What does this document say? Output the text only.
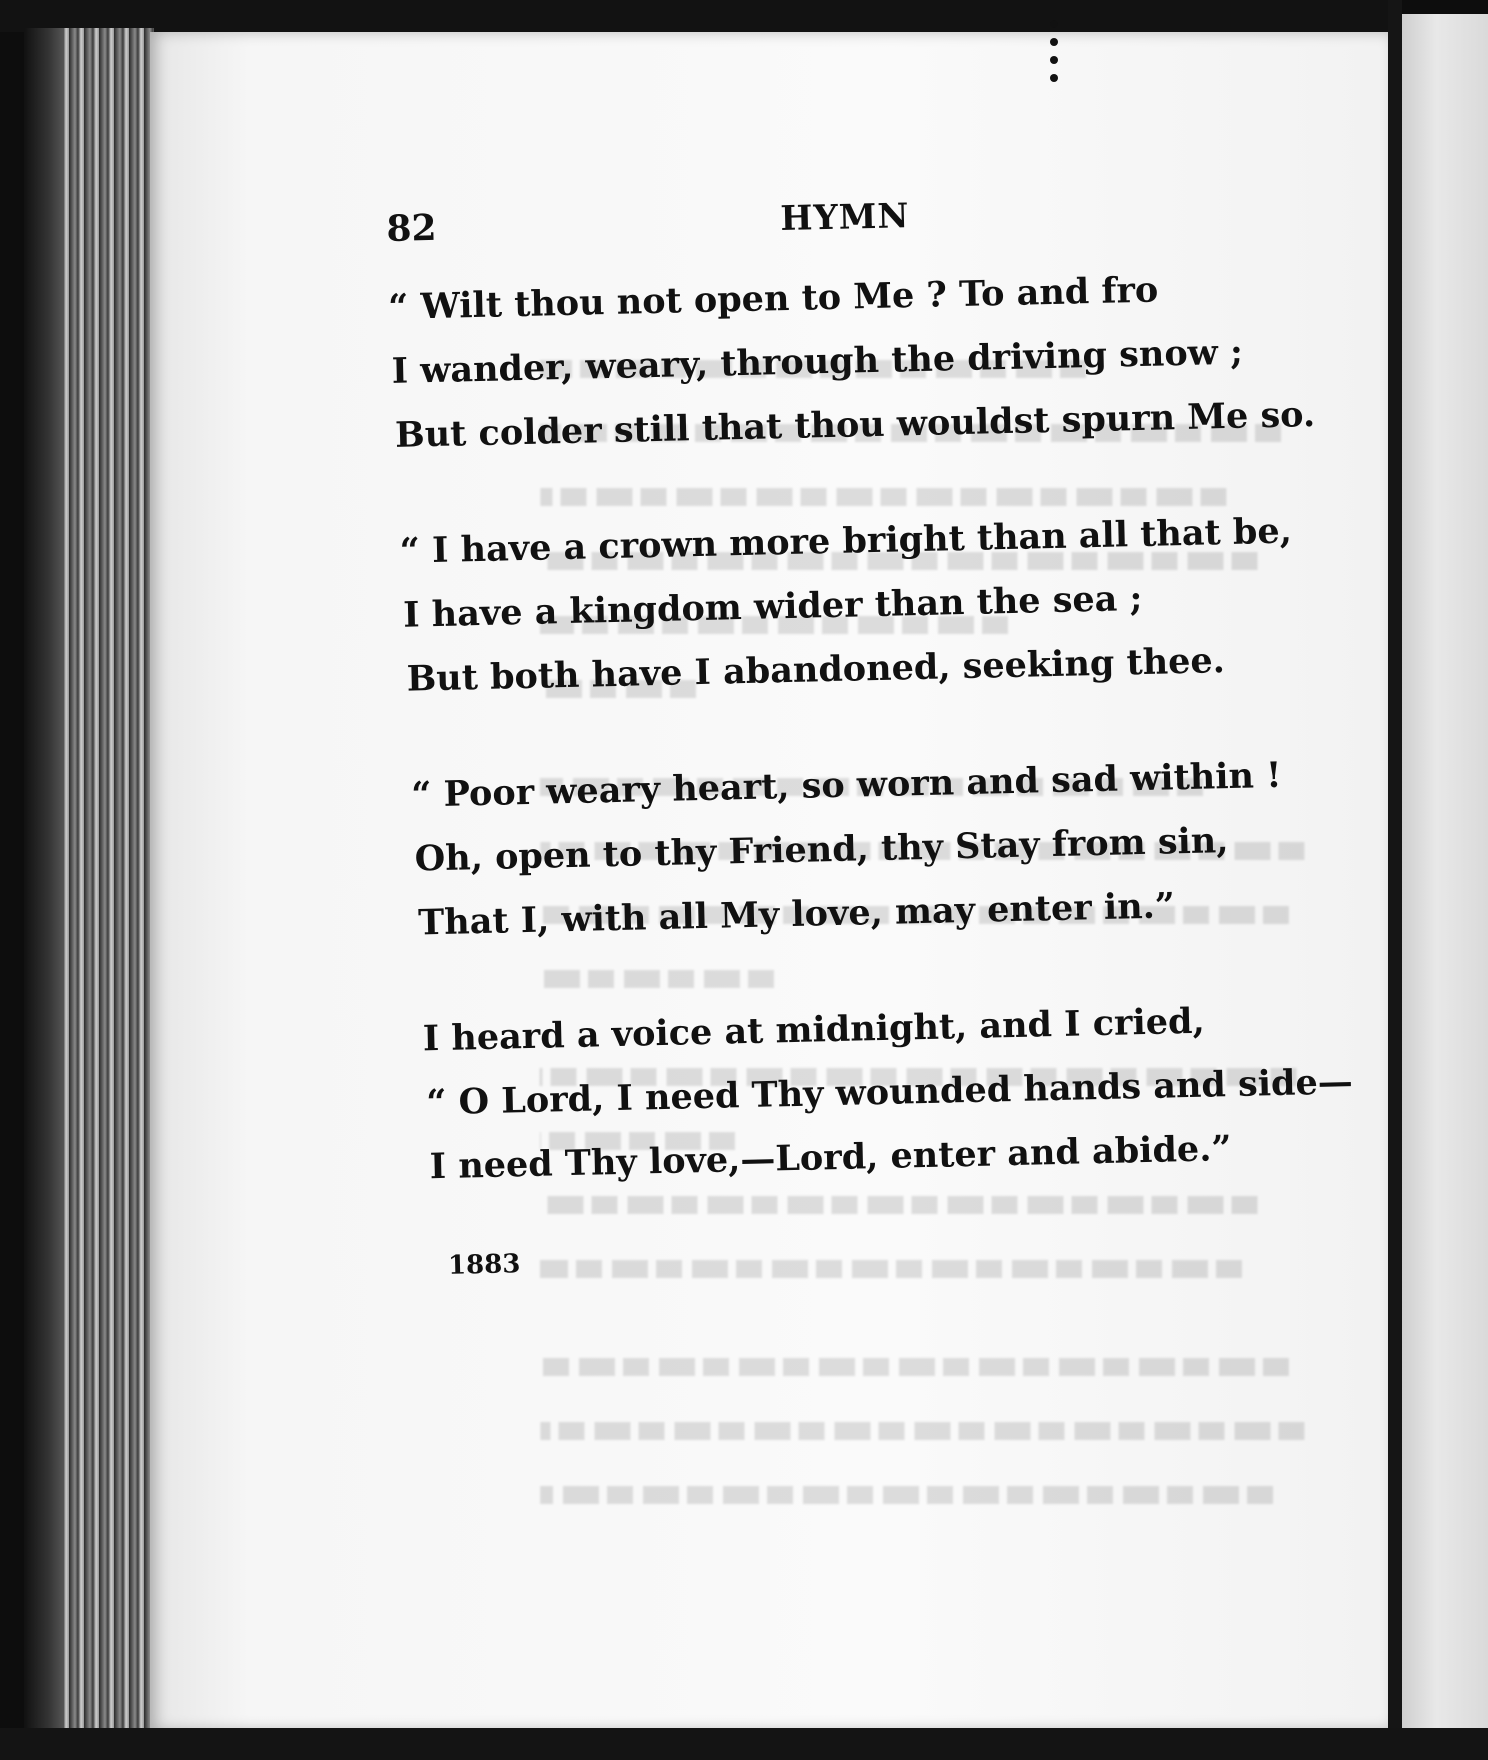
82	HYMN
“ Wilt thou not open to Me ? To and fro
I wander, weary, through the driving snow ;
But colder still that thou wouldst spurn Me so.
“ I have a crown more bright than all that be,
I have a kingdom wider than the sea ;
But both have I abandoned, seeking thee.
“ Poor weary heart, so worn and sad within !
Oh, open to thy Friend, thy Stay from sin,
That I, with all My love, may enter in.”
I heard a voice at midnight, and I cried,
“ O Lord, I need Thy wounded hands and side—
I need Thy love,—Lord, enter and abide.”
1883
